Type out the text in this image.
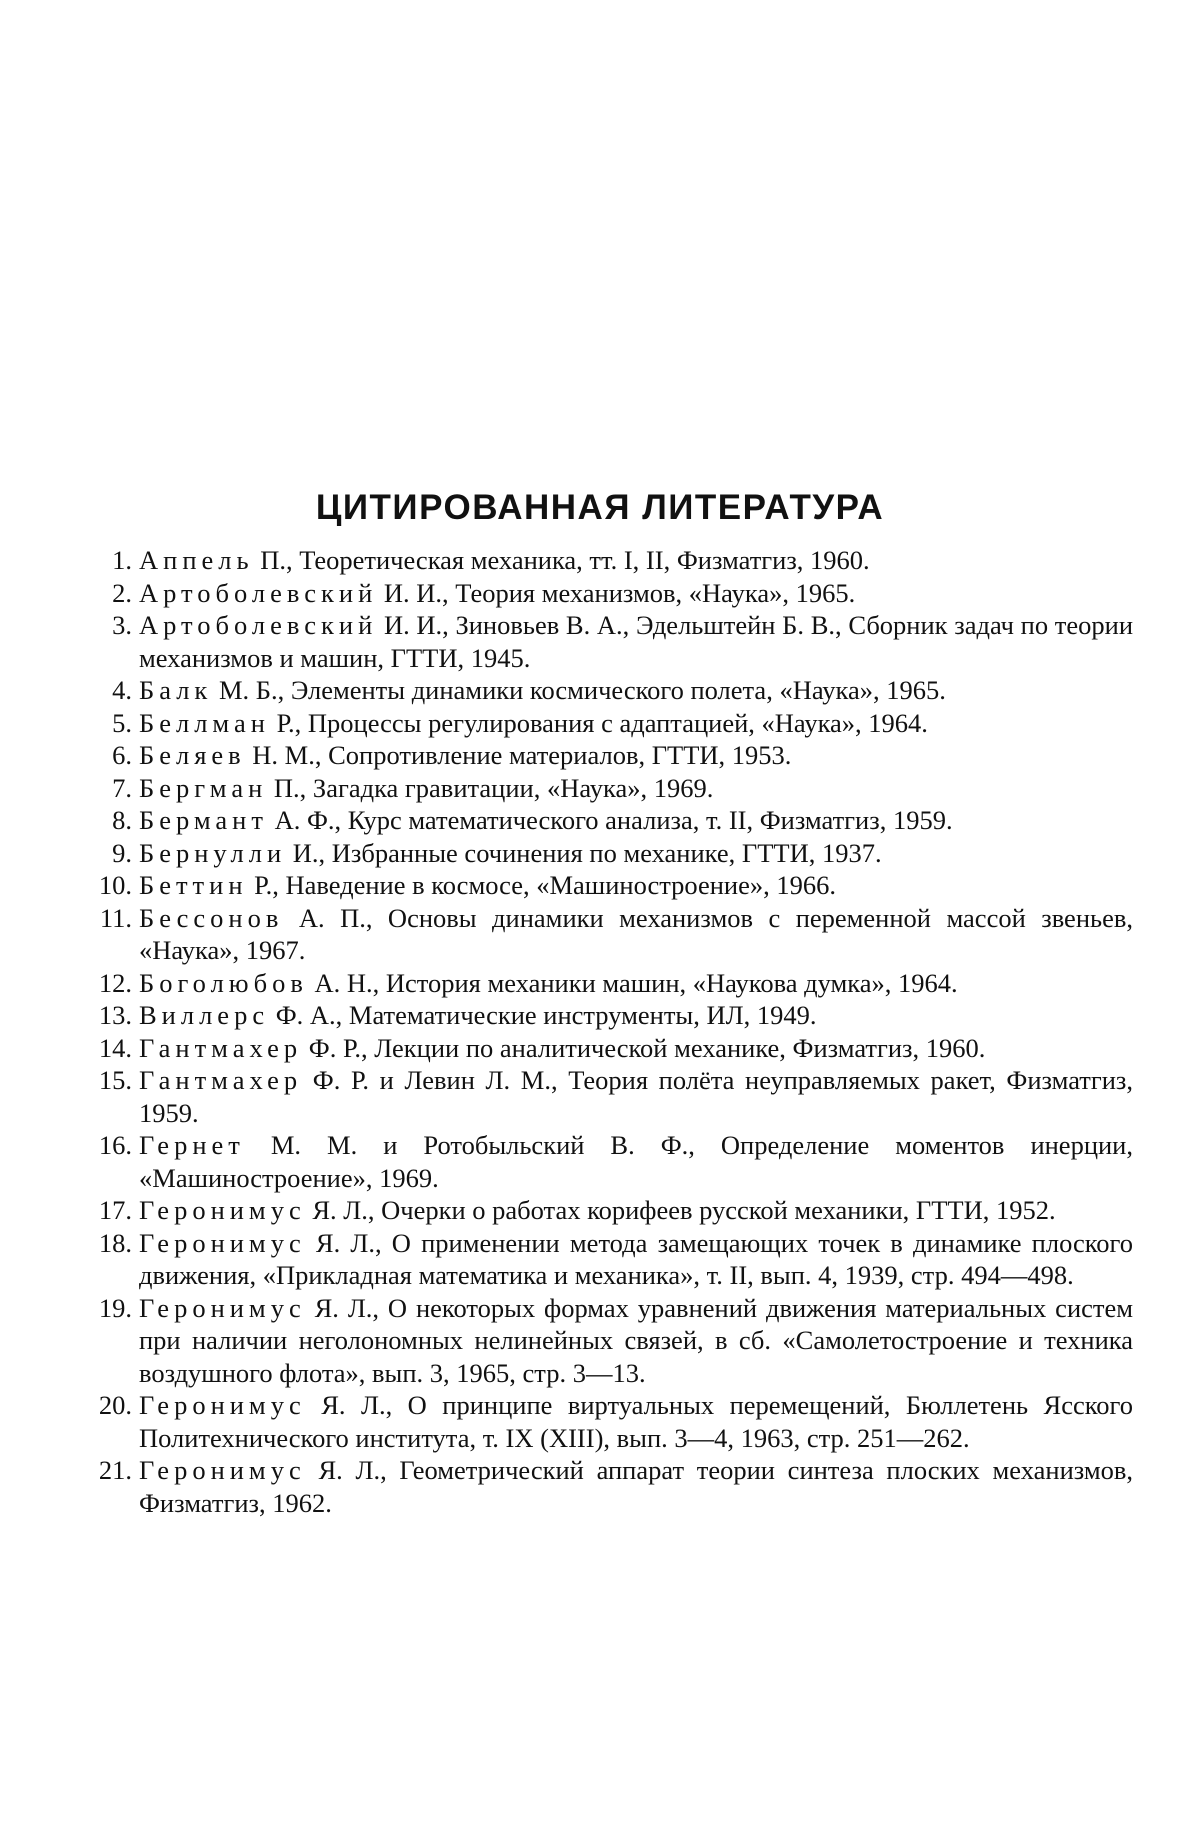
ЦИТИРОВАННАЯ ЛИТЕРАТУРА
1. Аппель П., Теоретическая механика, тт. I, II, Физматгиз, 1960.
2. Артоболевский И. И., Теория механизмов, «Наука», 1965.
3. Артоболевский И. И., Зиновьев В. А., Эдельштейн Б. В., Сборник задач по теории механизмов и машин, ГТТИ, 1945.
4. Балк М. Б., Элементы динамики космического полета, «Наука», 1965.
5. Беллман Р., Процессы регулирования с адаптацией, «Наука», 1964.
6. Беляев Н. М., Сопротивление материалов, ГТТИ, 1953.
7. Бергман П., Загадка гравитации, «Наука», 1969.
8. Бермант А. Ф., Курс математического анализа, т. II, Физматгиз, 1959.
9. Бернулли И., Избранные сочинения по механике, ГТТИ, 1937.
10. Беттин Р., Наведение в космосе, «Машиностроение», 1966.
11. Бессонов А. П., Основы динамики механизмов с переменной массой звеньев, «Наука», 1967.
12. Боголюбов А. Н., История механики машин, «Наукова думка», 1964.
13. Виллерс Ф. А., Математические инструменты, ИЛ, 1949.
14. Гантмахер Ф. Р., Лекции по аналитической механике, Физматгиз, 1960.
15. Гантмахер Ф. Р. и Левин Л. М., Теория полёта неуправляемых ракет, Физматгиз, 1959.
16. Гернет М. М. и Ротобыльский В. Ф., Определение моментов инерции, «Машиностроение», 1969.
17. Геронимус Я. Л., Очерки о работах корифеев русской механики, ГТТИ, 1952.
18. Геронимус Я. Л., О применении метода замещающих точек в динамике плоского движения, «Прикладная математика и механика», т. II, вып. 4, 1939, стр. 494—498.
19. Геронимус Я. Л., О некоторых формах уравнений движения материальных систем при наличии неголономных нелинейных связей, в сб. «Самолетостроение и техника воздушного флота», вып. 3, 1965, стр. 3—13.
20. Геронимус Я. Л., О принципе виртуальных перемещений, Бюллетень Ясского Политехнического института, т. IX (XIII), вып. 3—4, 1963, стр. 251—262.
21. Геронимус Я. Л., Геометрический аппарат теории синтеза плоских механизмов, Физматгиз, 1962.
